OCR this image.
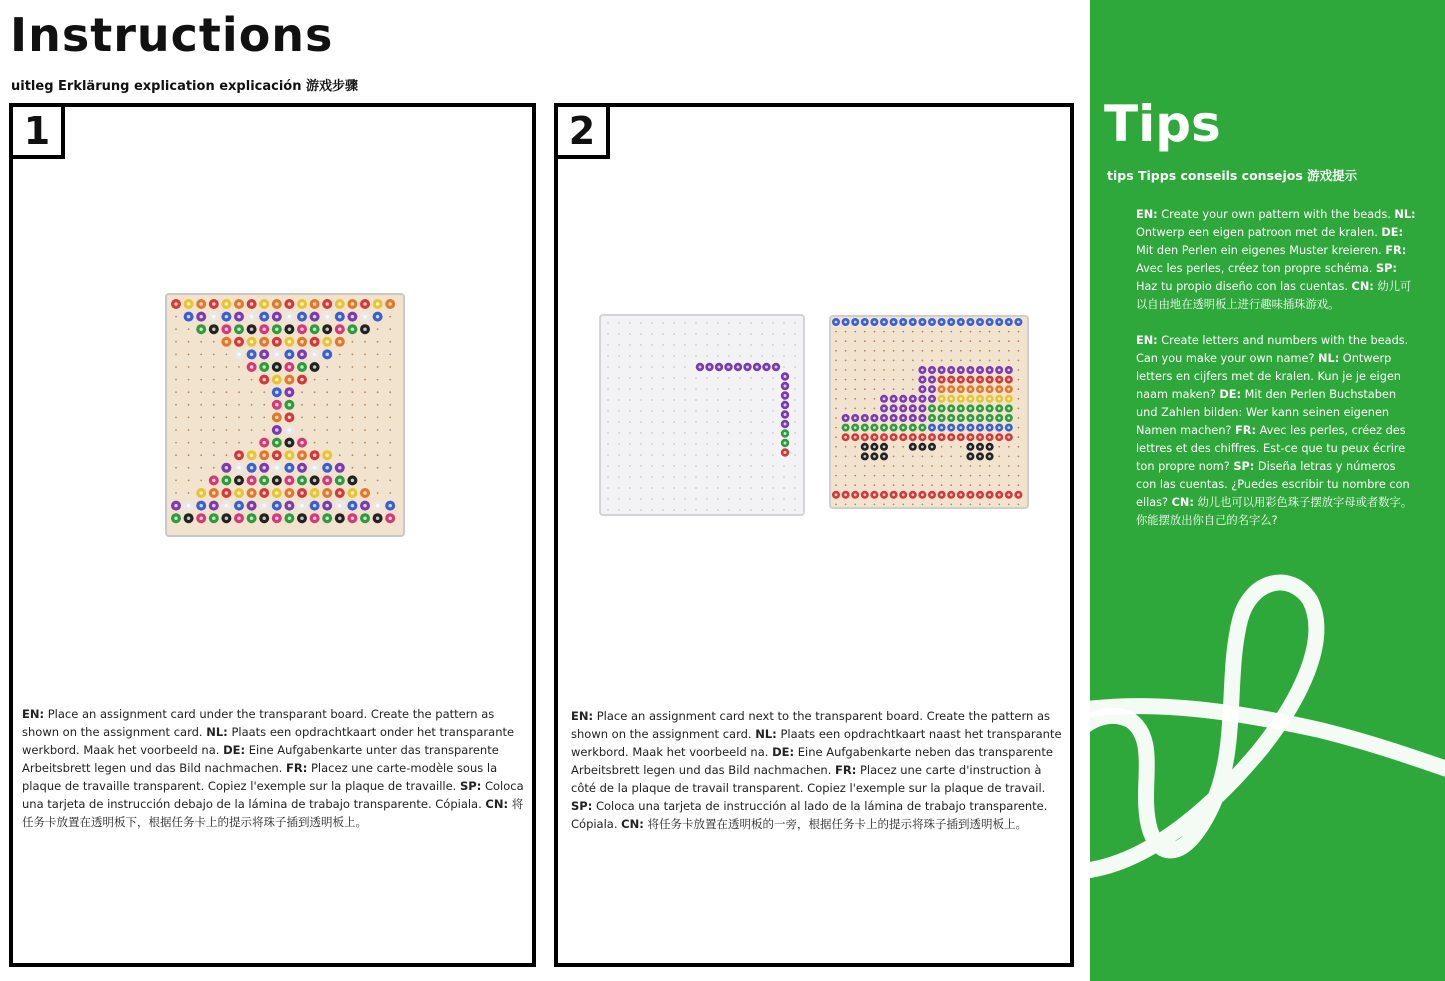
Instructions
uitleg Erklärung explication explicación 游戏步骤
1
EN: Place an assignment card under the transparant board. Create the pattern as shown on the assignment card. NL: Plaats een opdrachtkaart onder het transparante werkbord. Maak het voorbeeld na. DE: Eine Aufgabenkarte unter das transparente Arbeitsbrett legen und das Bild nachmachen. FR: Placez une carte-modèle sous la plaque de travaille transparent. Copiez l'exemple sur la plaque de travaille. SP: Coloca una tarjeta de instrucción debajo de la lámina de trabajo transparente. Cópiala. CN: 将任务卡放置在透明板下，根据任务卡上的提示将珠子插到透明板上。
2
EN: Place an assignment card next to the transparent board. Create the pattern as shown on the assignment card. NL: Plaats een opdrachtkaart naast het transparante werkbord. Maak het voorbeeld na. DE: Eine Aufgabenkarte neben das transparente Arbeitsbrett legen und das Bild nachmachen. FR: Placez une carte d'instruction à côté de la plaque de travail transparent. Copiez l'exemple sur la plaque de travail. SP: Coloca una tarjeta de instrucción al lado de la lámina de trabajo transparente. Cópiala. CN: 将任务卡放置在透明板的一旁，根据任务卡上的提示将珠子插到透明板上。
Tips
tips Tipps conseils consejos 游戏提示
EN: Create your own pattern with the beads. NL: Ontwerp een eigen patroon met de kralen. DE: Mit den Perlen ein eigenes Muster kreieren. FR: Avec les perles, créez ton propre schéma. SP: Haz tu propio diseño con las cuentas. CN: 幼儿可以自由地在透明板上进行趣味插珠游戏。
EN: Create letters and numbers with the beads. Can you make your own name? NL: Ontwerp letters en cijfers met de kralen. Kun je je eigen naam maken? DE: Mit den Perlen Buchstaben und Zahlen bilden: Wer kann seinen eigenen Namen machen? FR: Avec les perles, créez des lettres et des chiffres. Est-ce que tu peux écrire ton propre nom? SP: Diseña letras y números con las cuentas. ¿Puedes escribir tu nombre con ellas? CN: 幼儿也可以用彩色珠子摆放字母或者数字。你能摆放出你自己的名字么?
